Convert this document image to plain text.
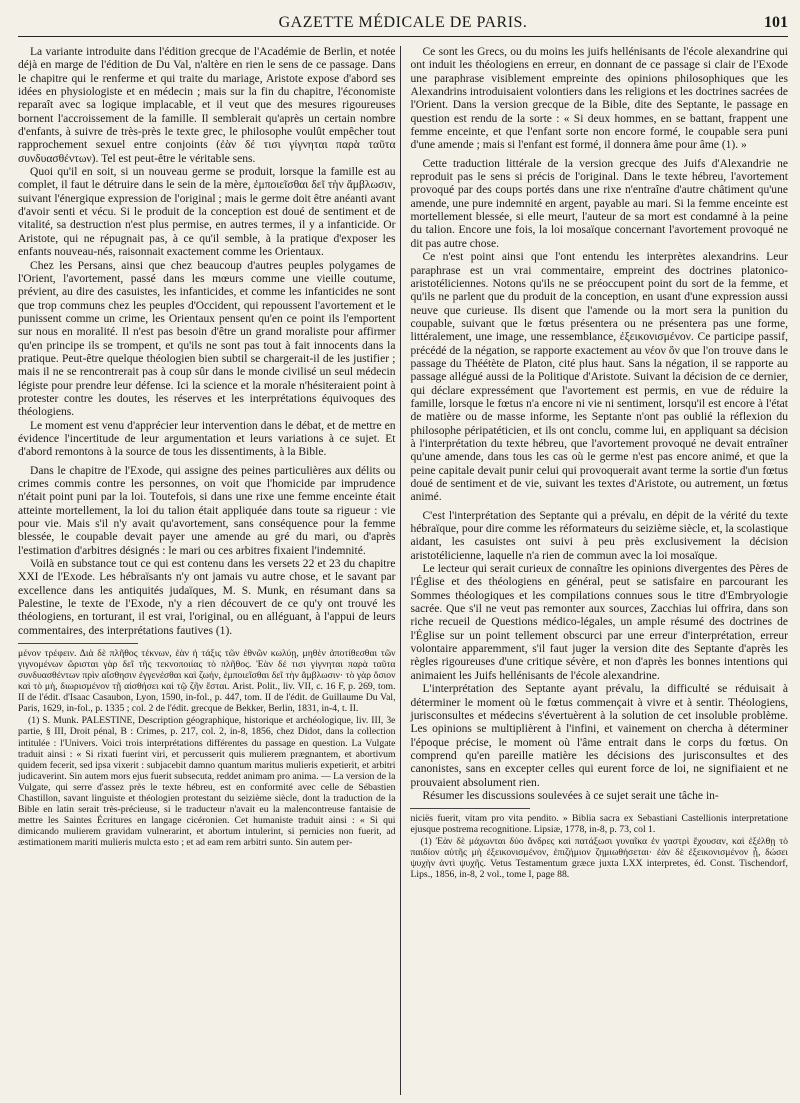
GAZETTE MÉDICALE DE PARIS.	101

La variante introduite dans l'édition grecque de l'Académie de Berlin, et notée déjà en marge de l'édition de Du Val, n'altère en rien le sens de ce passage. Dans le chapitre qui le renferme et qui traite du mariage, Aristote expose d'abord ses idées en physiologiste et en médecin ; mais sur la fin du chapitre, l'économiste reparaît avec sa logique implacable, et il veut que des mesures rigoureuses bornent l'accroissement de la famille. Il semblerait qu'après un certain nombre d'enfants, à suivre de très-près le texte grec, le philosophe voulût empêcher tout rapprochement sexuel entre conjoints (ἐὰν δέ τισι γίγνηται παρὰ ταῦτα συνδυασθέντων). Tel est peut-être le véritable sens.

Quoi qu'il en soit, si un nouveau germe se produit, lorsque la famille est au complet, il faut le détruire dans le sein de la mère, ἐμποιεῖσθαι δεῖ τὴν ἄμβλωσιν, suivant l'énergique expression de l'original ; mais le germe doit être anéanti avant d'avoir senti et vécu. Si le produit de la conception est doué de sentiment et de vitalité, sa destruction n'est plus permise, en autres termes, il y a infanticide. Or Aristote, qui ne répugnait pas, à ce qu'il semble, à la pratique d'exposer les enfants nouveau-nés, raisonnait exactement comme les Orientaux.

Chez les Persans, ainsi que chez beaucoup d'autres peuples polygames de l'Orient, l'avortement, passé dans les mœurs comme une vieille coutume, prévient, au dire des casuistes, les infanticides, et comme les infanticides ne sont que trop communs chez les peuples d'Occident, qui repoussent l'avortement et le punissent comme un crime, les Orientaux pensent qu'en ce point ils l'emportent sur nous en moralité. Il n'est pas besoin d'être un grand moraliste pour affirmer qu'en principe ils se trompent, et qu'ils ne sont pas tout à fait innocents dans la pratique. Peut-être quelque théologien bien subtil se chargerait-il de les justifier ; mais il ne se rencontrerait pas à coup sûr dans le monde civilisé un seul médecin légiste pour prendre leur défense. Ici la science et la morale n'hésiteraient point à protester contre les doutes, les réserves et les interprétations équivoques des théologiens.

Le moment est venu d'apprécier leur intervention dans le débat, et de mettre en évidence l'incertitude de leur argumentation et leurs variations à ce sujet. Et d'abord remontons à la source de tous les dissentiments, à la Bible.

Dans le chapitre de l'Exode, qui assigne des peines particulières aux délits ou crimes commis contre les personnes, on voit que l'homicide par imprudence n'était point puni par la loi. Toutefois, si dans une rixe une femme enceinte était atteinte mortellement, la loi du talion était appliquée dans toute sa rigueur : vie pour vie. Mais s'il n'y avait qu'avortement, sans conséquence pour la femme blessée, le coupable devait payer une amende au gré du mari, ou d'après l'estimation d'arbitres désignés : le mari ou ces arbitres fixaient l'indemnité.

Voilà en substance tout ce qui est contenu dans les versets 22 et 23 du chapitre XXI de l'Exode. Les hébraïsants n'y ont jamais vu autre chose, et le savant par excellence dans les antiquités judaïques, M. S. Munk, en résumant dans sa Palestine, le texte de l'Exode, n'y a rien découvert de ce qu'y ont trouvé les théologiens, en torturant, il est vrai, l'original, ou en alléguant, à l'appui de leurs commentaires, des interprétations fautives (1).

μένον τρέφειν. Διὰ δὲ πλῆθος τέκνων, ἐὰν ἡ τάξις τῶν ἐθνῶν κωλύῃ, μηθὲν ἀποτίθεσθαι τῶν γιγνομένων ὥρισται γὰρ δεῖ τῆς τεκνοποιίας τὸ πλῆθος. Ἐὰν δέ τισι γίγνηται παρὰ ταῦτα συνδυασθέντων πρὶν αἴσθησιν ἐγγενέσθαι καὶ ζωήν, ἐμποιεῖσθαι δεῖ τὴν ἄμβλωσιν· τὸ γὰρ ὅσιον καὶ τὸ μὴ, διωρισμένον τῇ αἰσθήσει καὶ τῷ ζῆν ἔσται. Arist. Polit., liv. VII, c. 16 F, p. 269, tom. II de l'édit. d'Isaac Casaubon, Lyon, 1590, in-fol., p. 447, tom. II de l'édit. de Guillaume Du Val, Paris, 1629, in-fol., p. 1335 ; col. 2 de l'édit. grecque de Bekker, Berlin, 1831, in-4, t. II.

(1) S. Munk. PALESTINE, Description géographique, historique et archéologique, liv. III, 3e partie, § III, Droit pénal, B : Crimes, p. 217, col. 2, in-8, 1856, chez Didot, dans la collection intitulée : l'Univers. Voici trois interprétations différentes du passage en question. La Vulgate traduit ainsi : « Si rixati fuerint viri, et percusserit quis mulierem prægnantem, et abortivum quidem fecerit, sed ipsa vixerit : subjacebit damno quantum maritus mulieris expetierit, et arbitri judicaverint. Sin autem mors ejus fuerit subsecuta, reddet animam pro anima. — La version de la Vulgate, qui serre d'assez près le texte hébreu, est en conformité avec celle de Sébastien Chastillon, savant linguiste et théologien protestant du seizième siècle, dont la traduction de la Bible en latin serait très-précieuse, si le traducteur n'avait eu la malencontreuse fantaisie de mettre les Saintes Écritures en langage cicéronien. Cet humaniste traduit ainsi : « Si qui dimicando mulierem gravidam vulnerarint, et abortum intulerint, si pernicies non fuerit, ad æstimationem mariti mulieris mulcta esto ; et ad eam rem arbitri sunto. Sin autem per-

Ce sont les Grecs, ou du moins les juifs hellénisants de l'école alexandrine qui ont induit les théologiens en erreur, en donnant de ce passage si clair de l'Exode une paraphrase visiblement empreinte des opinions philosophiques que les Alexandrins introduisaient volontiers dans les religions et les doctrines sacrées de l'Orient. Dans la version grecque de la Bible, dite des Septante, le passage en question est rendu de la sorte : « Si deux hommes, en se battant, frappent une femme enceinte, et que l'enfant sorte non encore formé, le coupable sera puni d'une amende ; mais si l'enfant est formé, il donnera âme pour âme (1). »

Cette traduction littérale de la version grecque des Juifs d'Alexandrie ne reproduit pas le sens si précis de l'original. Dans le texte hébreu, l'avortement provoqué par des coups portés dans une rixe n'entraîne d'autre châtiment qu'une amende, une pure indemnité en argent, payable au mari. Si la femme enceinte est mortellement blessée, si elle meurt, l'auteur de sa mort est condamné à la peine du talion. Encore une fois, la loi mosaïque concernant l'avortement provoqué ne dit pas autre chose.

Ce n'est point ainsi que l'ont entendu les interprètes alexandrins. Leur paraphrase est un vrai commentaire, empreint des doctrines platonico-aristotéliciennes. Notons qu'ils ne se préoccupent point du sort de la femme, et qu'ils ne parlent que du produit de la conception, en usant d'une expression aussi neuve que curieuse. Ils disent que l'amende ou la mort sera la punition du coupable, suivant que le fœtus présentera ou ne présentera pas une forme, littéralement, une image, une ressemblance, ἐξεικονισμένον. Ce participe passif, précédé de la négation, se rapporte exactement au νέον ὂν que l'on trouve dans le passage du Théétète de Platon, cité plus haut. Sans la négation, il se rapporte au passage allégué aussi de la Politique d'Aristote. Suivant la décision de ce dernier, qui déclare expressément que l'avortement est permis, en vue de réduire la famille, lorsque le fœtus n'a encore ni vie ni sentiment, lorsqu'il est encore à l'état de matière ou de masse informe, les Septante n'ont pas oublié la réflexion du philosophe péripatéticien, et ils ont conclu, comme lui, en appliquant sa décision à l'interprétation du texte hébreu, que l'avortement provoqué ne devait entraîner qu'une amende, dans tous les cas où le germe n'est pas encore animé, et que la peine capitale devait punir celui qui provoquerait avant terme la sortie d'un fœtus doué de sentiment et de vie, suivant les textes d'Aristote, ou autrement, un fœtus animé.

C'est l'interprétation des Septante qui a prévalu, en dépit de la vérité du texte hébraïque, pour dire comme les réformateurs du seizième siècle, et, la scolastique aidant, les casuistes ont suivi à peu près exclusivement la décision aristotélicienne, laquelle n'a rien de commun avec la loi mosaïque.

Le lecteur qui serait curieux de connaître les opinions divergentes des Pères de l'Église et des théologiens en général, peut se satisfaire en parcourant les Sommes théologiques et les compilations connues sous le titre d'Embryologie sacrée. Que s'il ne veut pas remonter aux sources, Zacchias lui offrira, dans son riche recueil de Questions médico-légales, un ample résumé des doctrines de l'Église sur un point tellement obscurci par une erreur d'interprétation, erreur volontaire apparemment, s'il faut juger la version dite des Septante d'après les règles rigoureuses d'une critique sévère, et non d'après les bonnes intentions qui animaient les Juifs hellénisants de l'école alexandrine.

L'interprétation des Septante ayant prévalu, la difficulté se réduisait à déterminer le moment où le fœtus commençait à vivre et à sentir. Théologiens, jurisconsultes et médecins s'évertuèrent à la solution de cet insoluble problème. Les opinions se multiplièrent à l'infini, et vainement on chercha à déterminer l'époque précise, le moment où l'âme entrait dans le corps du fœtus. On comprend qu'en pareille matière les décisions des jurisconsultes et des canonistes, sans en excepter celles qui eurent force de loi, ne signifiaient et ne prouvaient absolument rien.

Résumer les discussions soulevées à ce sujet serait une tâche in-

niciës fuerit, vitam pro vita pendito. » Biblia sacra ex Sebastiani Castellionis interpretatione ejusque postrema recognitione. Lipsiæ, 1778, in-8, p. 73, col 1.

(1) Ἐὰν δὲ μάχωνται δύο ἄνδρες καὶ πατάξωσι γυναῖκα ἐν γαστρὶ ἔχουσαν, καὶ ἐξέλθῃ τὸ παιδίον αὐτῆς μὴ ἐξεικονισμένον, ἐπιζήμιον ζημιωθήσεται· ἐὰν δὲ ἐξεικονισμένον ᾖ, δώσει ψυχὴν ἀντὶ ψυχῆς. Vetus Testamentum græce juxta LXX interpretes, éd. Const. Tischendorf, Lips., 1856, in-8, 2 vol., tome I, page 88.
